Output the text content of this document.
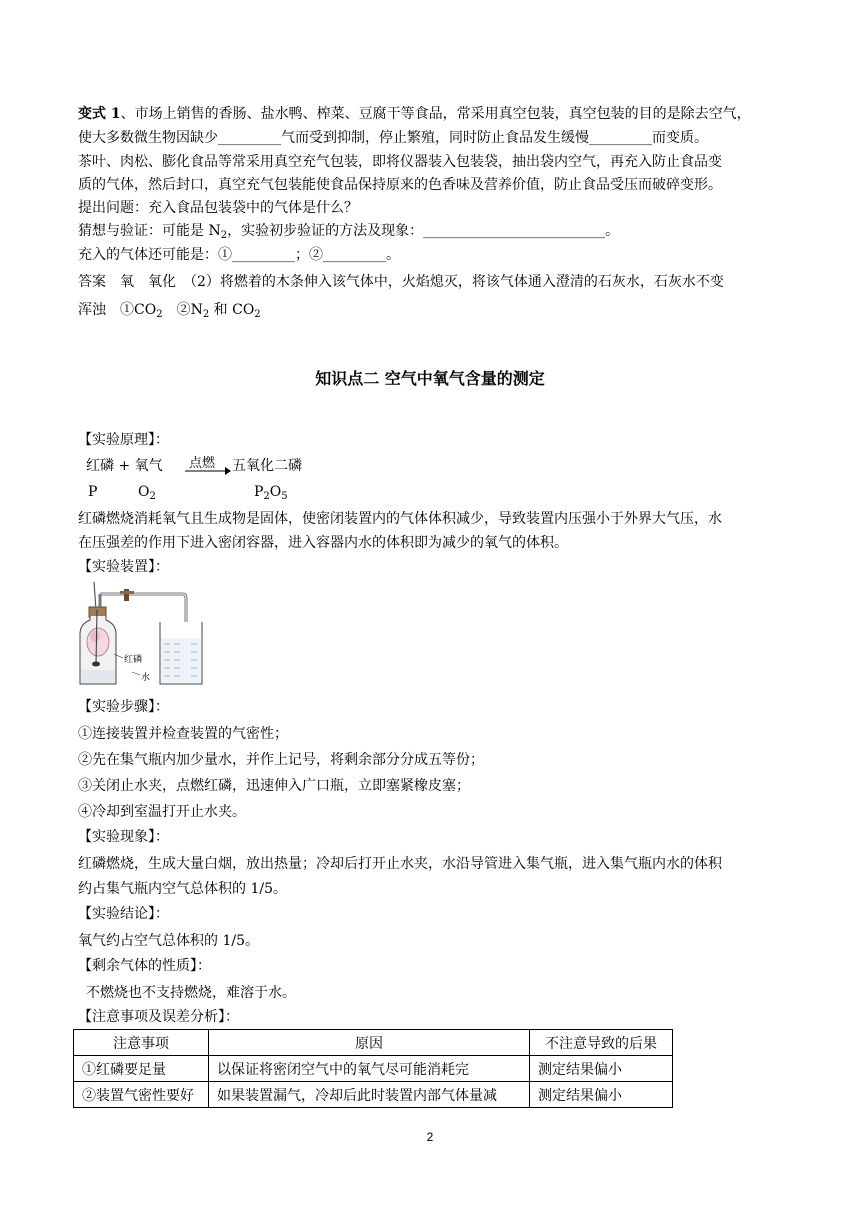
变式 1、市场上销售的香肠、盐水鸭、榨菜、豆腐干等食品，常采用真空包装，真空包装的目的是除去空气，
使大多数微生物因缺少_________气而受到抑制，停止繁殖，同时防止食品发生缓慢_________而变质。
茶叶、肉松、膨化食品等常采用真空充气包装，即将仪器装入包装袋，抽出袋内空气，再充入防止食品变
质的气体，然后封口，真空充气包装能使食品保持原来的色香味及营养价值，防止食品受压而破碎变形。
提出问题：充入食品包装袋中的气体是什么？
猜想与验证：可能是 $N_2$，实验初步验证的方法及现象：__________________________。
充入的气体还可能是：①_________；②_________。
答案　氧　氧化　（2）将燃着的木条伸入该气体中，火焰熄灭，将该气体通入澄清的石灰水，石灰水不变
浑浊　$①CO_2$　$②N_2$ 和 $CO_2$
知识点二 空气中氧气含量的测定
【实验原理】：
红磷 + 氧气 点燃 → 五氧化二磷
P	$O_2$	$P_2O_5$
红磷燃烧消耗氧气且生成物是固体，使密闭装置内的气体体积减少，导致装置内压强小于外界大气压，水
在压强差的作用下进入密闭容器，进入容器内水的体积即为减少的氧气的体积。
【实验装置】：
红磷
水
【实验步骤】：
①连接装置并检查装置的气密性；
②先在集气瓶内加少量水，并作上记号，将剩余部分分成五等份；
③关闭止水夹，点燃红磷，迅速伸入广口瓶，立即塞紧橡皮塞；
④冷却到室温打开止水夹。
【实验现象】：
红磷燃烧，生成大量白烟，放出热量；冷却后打开止水夹，水沿导管进入集气瓶，进入集气瓶内水的体积
约占集气瓶内空气总体积的 1/5。
【实验结论】：
氧气约占空气总体积的 1/5。
【剩余气体的性质】：
不燃烧也不支持燃烧，难溶于水。
【注意事项及误差分析】：
注意事项	原因	不注意导致的后果
①红磷要足量	以保证将密闭空气中的氧气尽可能消耗完	测定结果偏小
②装置气密性要好	如果装置漏气，冷却后此时装置内部气体量减	测定结果偏小
2
